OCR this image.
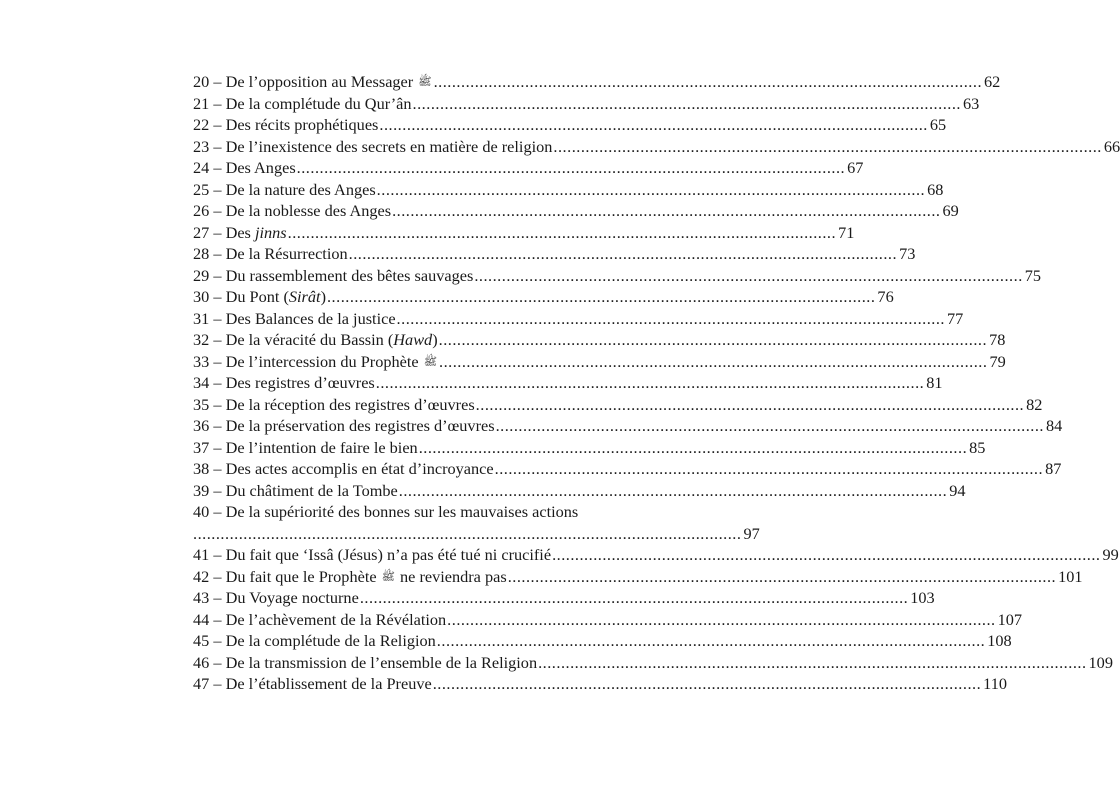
20 – De l’opposition au Messager ﷺ ........................................................................................................................ 62
21 – De la complétude du Qur’ân ........................................................................................................................ 63
22 – Des récits prophétiques ........................................................................................................................ 65
23 – De l’inexistence des secrets en matière de religion ........................................................................................................................ 66
24 – Des Anges ........................................................................................................................ 67
25 – De la nature des Anges ........................................................................................................................ 68
26 – De la noblesse des Anges ........................................................................................................................ 69
27 – Des jinns ........................................................................................................................ 71
28 – De la Résurrection ........................................................................................................................ 73
29 – Du rassemblement des bêtes sauvages ........................................................................................................................ 75
30 – Du Pont (Sirât) ........................................................................................................................ 76
31 – Des Balances de la justice ........................................................................................................................ 77
32 – De la véracité du Bassin (Hawd) ........................................................................................................................ 78
33 – De l’intercession du Prophète ﷺ ........................................................................................................................ 79
34 – Des registres d’œuvres ........................................................................................................................ 81
35 – De la réception des registres d’œuvres ........................................................................................................................ 82
36 – De la préservation des registres d’œuvres ........................................................................................................................ 84
37 – De l’intention de faire le bien ........................................................................................................................ 85
38 – Des actes accomplis en état d’incroyance ........................................................................................................................ 87
39 – Du châtiment de la Tombe ........................................................................................................................ 94
40 – De la supériorité des bonnes sur les mauvaises actions
........................................................................................................................ 97
41 – Du fait que ‘Issâ (Jésus) n’a pas été tué ni crucifié ........................................................................................................................ 99
42 – Du fait que le Prophète ﷺ ne reviendra pas ........................................................................................................................ 101
43 – Du Voyage nocturne ........................................................................................................................ 103
44 – De l’achèvement de la Révélation ........................................................................................................................ 107
45 – De la complétude de la Religion ........................................................................................................................ 108
46 – De la transmission de l’ensemble de la Religion ........................................................................................................................ 109
47 – De l’établissement de la Preuve ........................................................................................................................ 110
